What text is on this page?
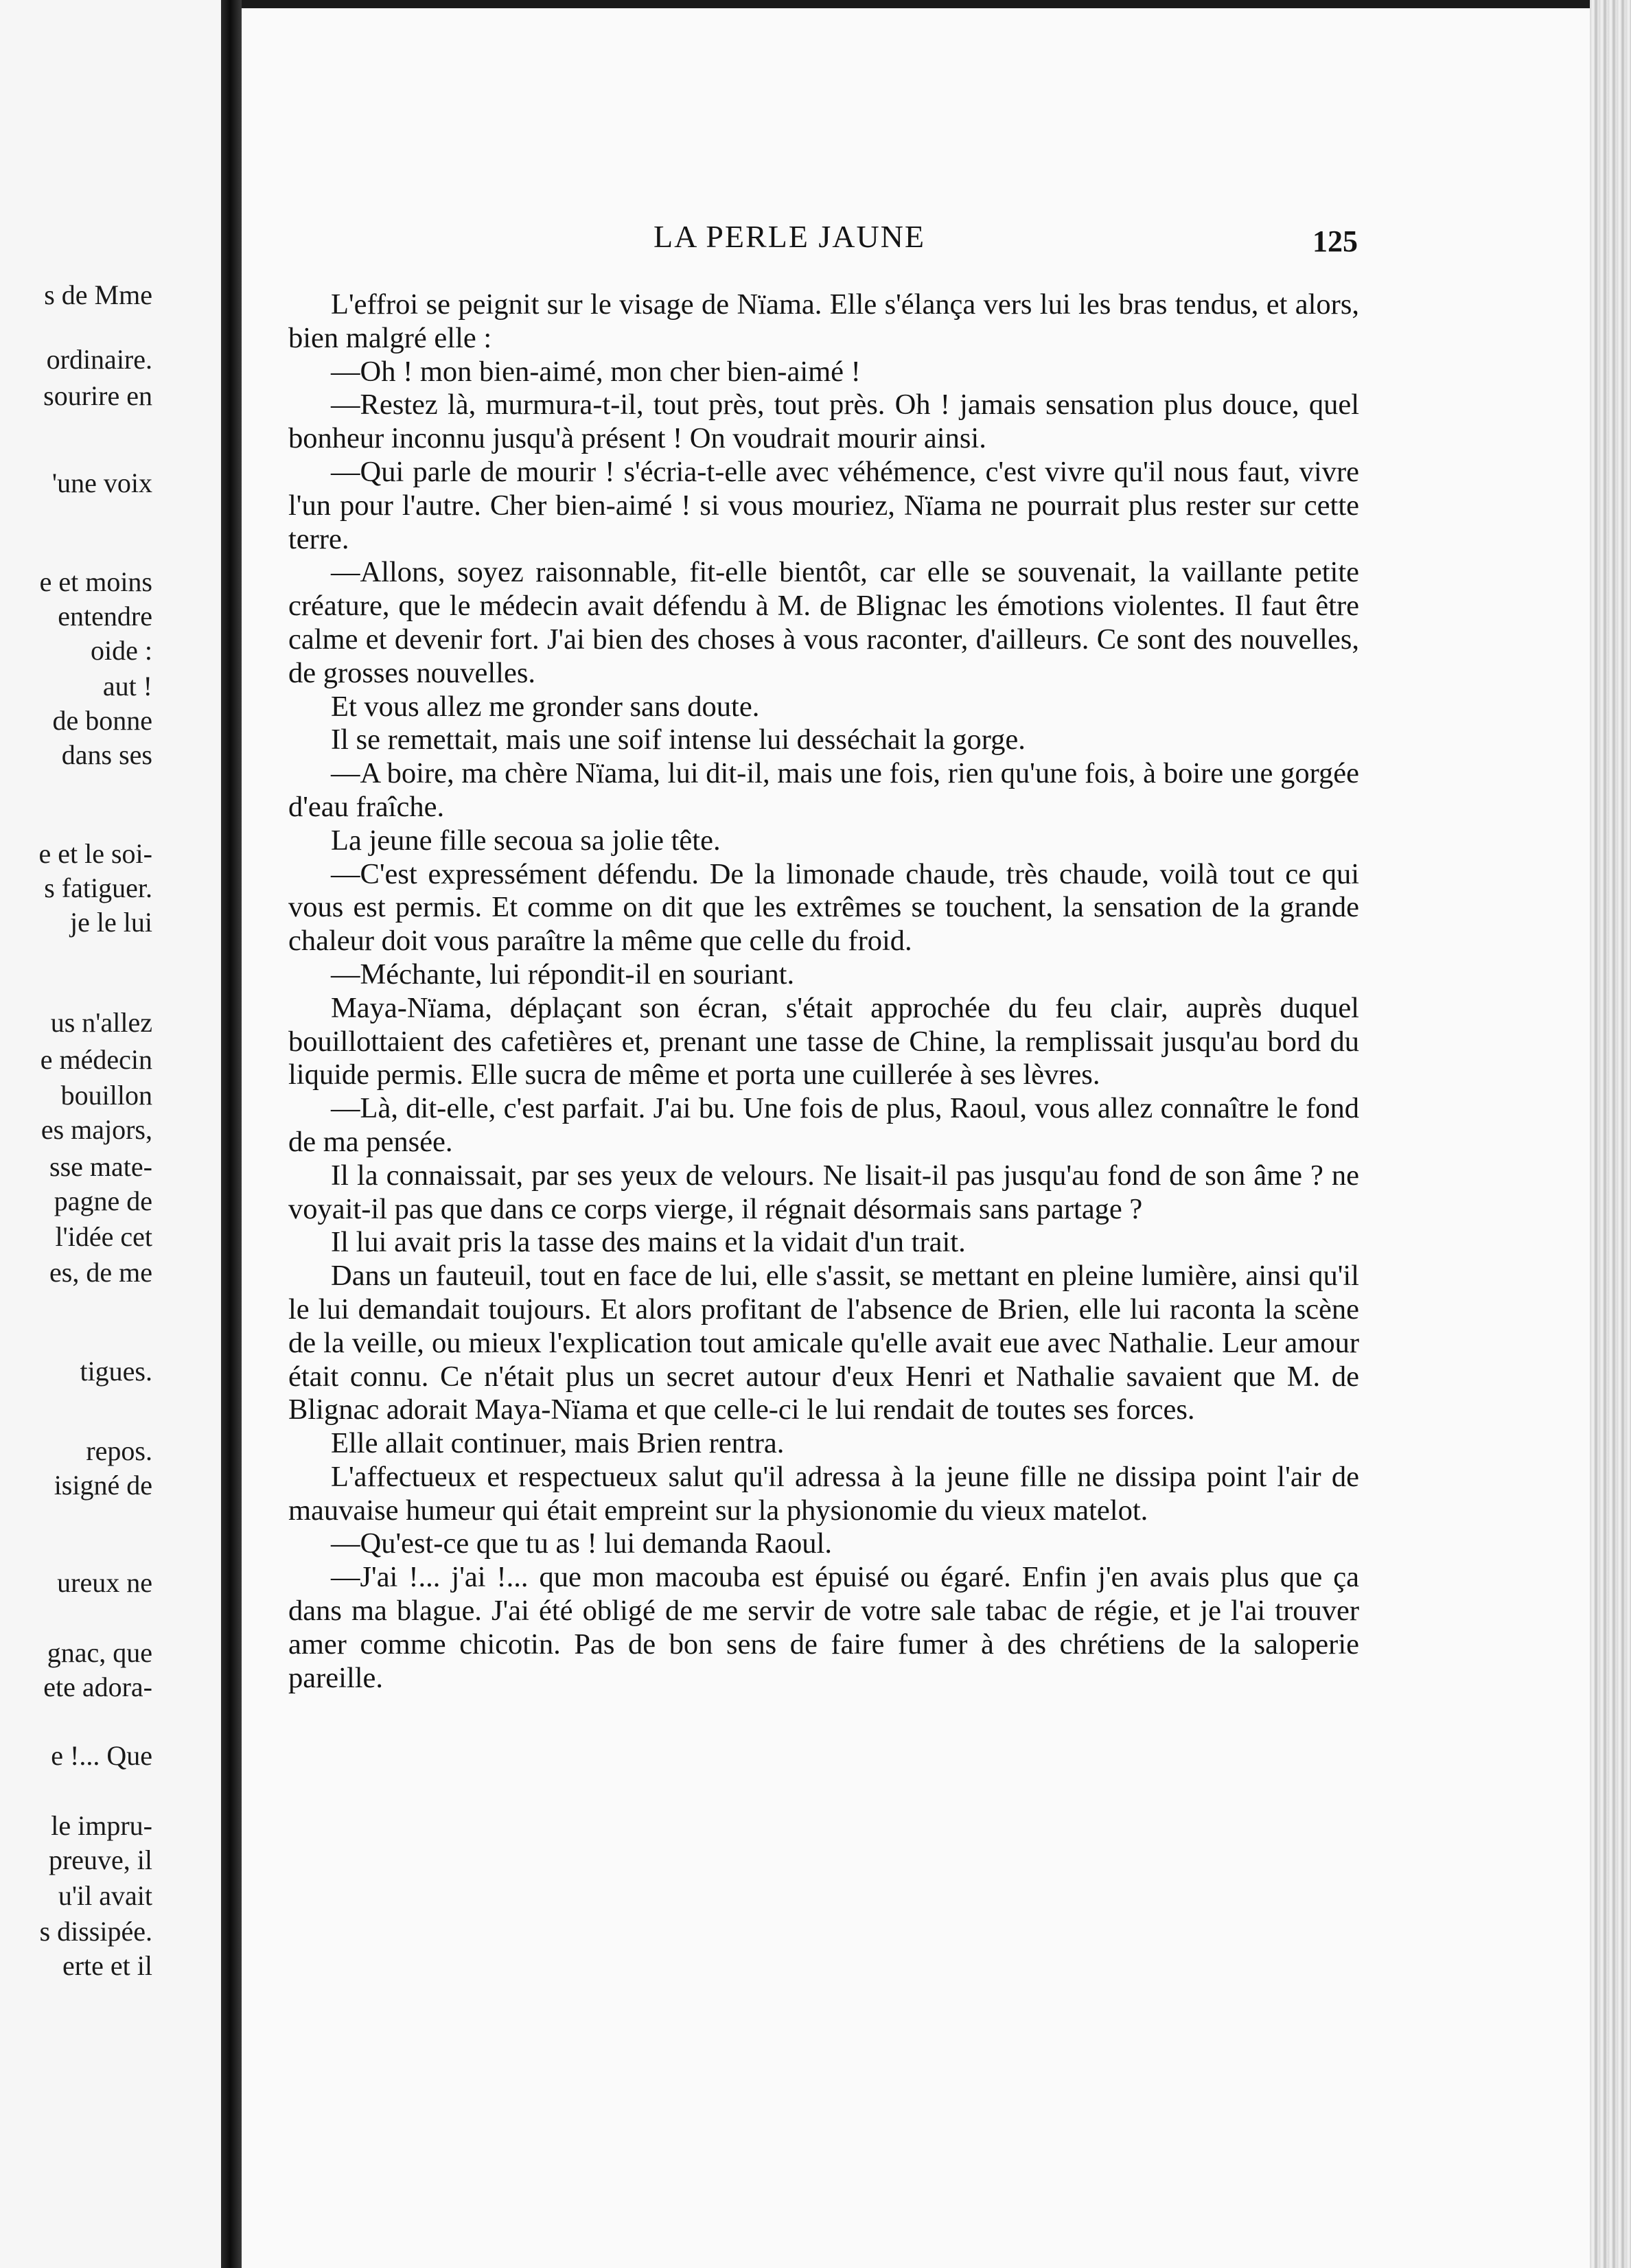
s de Mme
ordinaire.
sourire en
'une voix
e et moins
entendre
oide :
aut !
de bonne
dans ses
e et le soi-
s fatiguer.
je le lui
us n'allez
e médecin
bouillon
es majors,
sse mate-
pagne de
l'idée cet
es, de me
tigues.
repos.
isigné de
ureux ne
gnac, que
ete adora-
e !... Que
le impru-
preuve, il
u'il avait
s dissipée.
erte et il
LA PERLE JAUNE	125

L'effroi se peignit sur le visage de Nïama. Elle s'élança vers lui les bras tendus, et alors, bien malgré elle :

—Oh ! mon bien-aimé, mon cher bien-aimé !

—Restez là, murmura-t-il, tout près, tout près. Oh ! jamais sensation plus douce, quel bonheur inconnu jusqu'à présent ! On voudrait mourir ainsi.

—Qui parle de mourir ! s'écria-t-elle avec véhémence, c'est vivre qu'il nous faut, vivre l'un pour l'autre. Cher bien-aimé ! si vous mouriez, Nïama ne pourrait plus rester sur cette terre.

—Allons, soyez raisonnable, fit-elle bientôt, car elle se souvenait, la vaillante petite créature, que le médecin avait défendu à M. de Blignac les émotions violentes. Il faut être calme et devenir fort. J'ai bien des choses à vous raconter, d'ailleurs. Ce sont des nouvelles, de grosses nouvelles.

Et vous allez me gronder sans doute.

Il se remettait, mais une soif intense lui desséchait la gorge.

—A boire, ma chère Nïama, lui dit-il, mais une fois, rien qu'une fois, à boire une gorgée d'eau fraîche.

La jeune fille secoua sa jolie tête.

—C'est expressément défendu. De la limonade chaude, très chaude, voilà tout ce qui vous est permis. Et comme on dit que les extrêmes se touchent, la sensation de la grande chaleur doit vous paraître la même que celle du froid.

—Méchante, lui répondit-il en souriant.

Maya-Nïama, déplaçant son écran, s'était approchée du feu clair, auprès duquel bouillottaient des cafetières et, prenant une tasse de Chine, la remplissait jusqu'au bord du liquide permis. Elle sucra de même et porta une cuillerée à ses lèvres.

—Là, dit-elle, c'est parfait. J'ai bu. Une fois de plus, Raoul, vous allez connaître le fond de ma pensée.

Il la connaissait, par ses yeux de velours. Ne lisait-il pas jusqu'au fond de son âme ? ne voyait-il pas que dans ce corps vierge, il régnait désormais sans partage ?

Il lui avait pris la tasse des mains et la vidait d'un trait.

Dans un fauteuil, tout en face de lui, elle s'assit, se mettant en pleine lumière, ainsi qu'il le lui demandait toujours. Et alors profitant de l'absence de Brien, elle lui raconta la scène de la veille, ou mieux l'explication tout amicale qu'elle avait eue avec Nathalie. Leur amour était connu. Ce n'était plus un secret autour d'eux Henri et Nathalie savaient que M. de Blignac adorait Maya-Nïama et que celle-ci le lui rendait de toutes ses forces.

Elle allait continuer, mais Brien rentra.

L'affectueux et respectueux salut qu'il adressa à la jeune fille ne dissipa point l'air de mauvaise humeur qui était empreint sur la physionomie du vieux matelot.

—Qu'est-ce que tu as ! lui demanda Raoul.

—J'ai !... j'ai !... que mon macouba est épuisé ou égaré. Enfin j'en avais plus que ça dans ma blague. J'ai été obligé de me servir de votre sale tabac de régie, et je l'ai trouver amer comme chicotin. Pas de bon sens de faire fumer à des chrétiens de la saloperie pareille.
